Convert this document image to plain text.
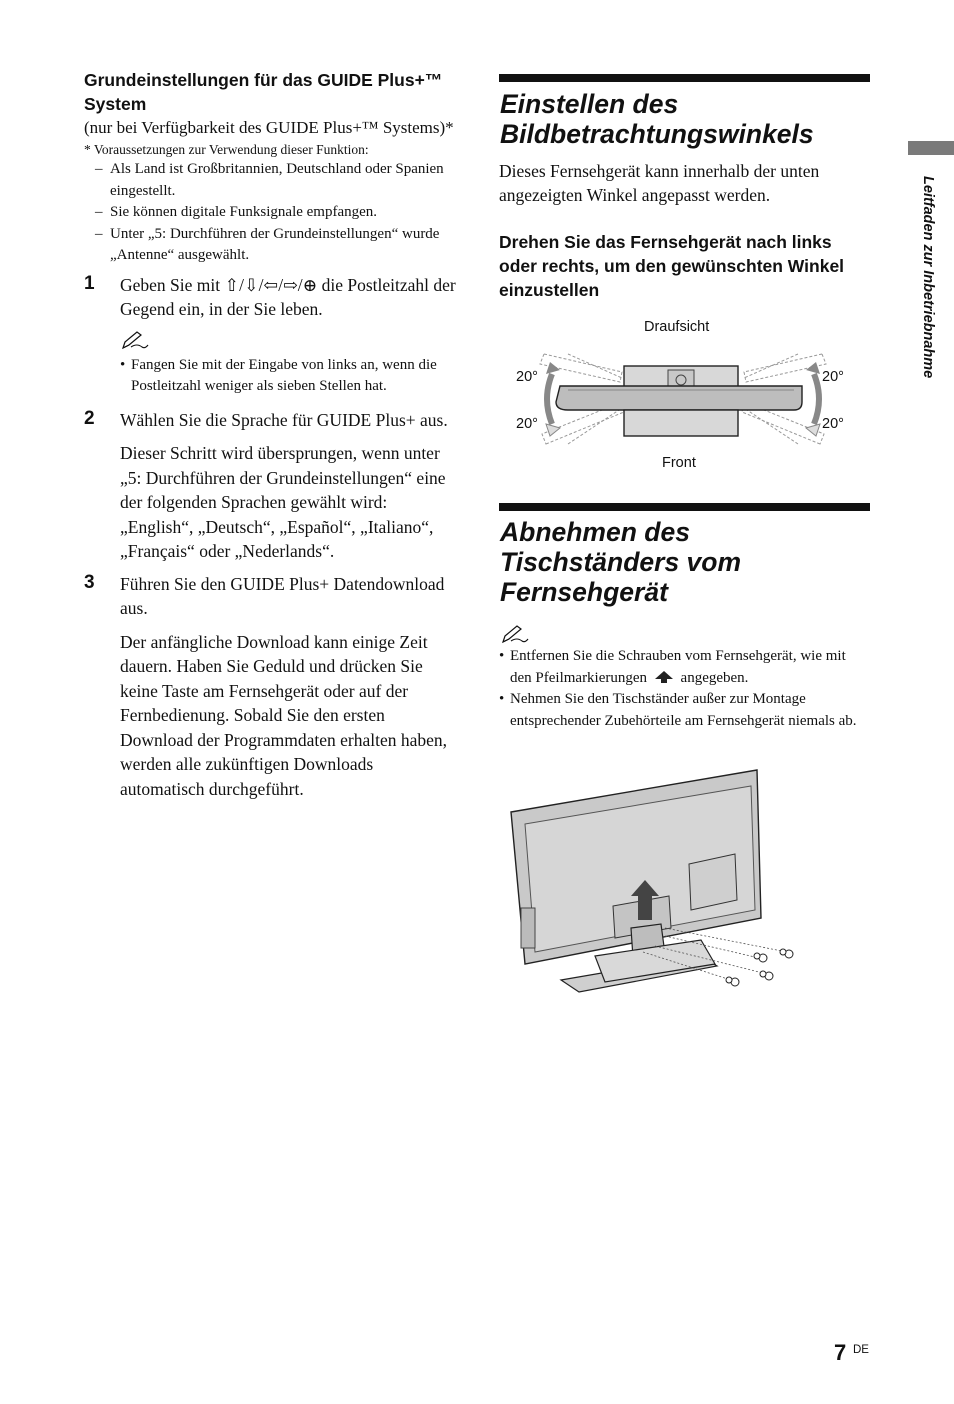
Grundeinstellungen für das GUIDE Plus+™ System

(nur bei Verfügbarkeit des GUIDE Plus+™ Systems)*

* Voraussetzungen zur Verwendung dieser Funktion:

– Als Land ist Großbritannien, Deutschland oder Spanien eingestellt.
– Sie können digitale Funksignale empfangen.
– Unter „5: Durchführen der Grundeinstellungen“ wurde „Antenne“ ausgewählt.
1	Geben Sie mit ⇧/⇩/⇦/⇨/⊕ die Postleitzahl der Gegend ein, in der Sie leben.

• Fangen Sie mit der Eingabe von links an, wenn die Postleitzahl weniger als sieben Stellen hat.
2	Wählen Sie die Sprache für GUIDE Plus+ aus.

Dieser Schritt wird übersprungen, wenn unter „5: Durchführen der Grundeinstellungen“ eine der folgenden Sprachen gewählt wird: „English“, „Deutsch“, „Español“, „Italiano“, „Français“ oder „Nederlands“.

3	Führen Sie den GUIDE Plus+ Datendownload aus.

Der anfängliche Download kann einige Zeit dauern. Haben Sie Geduld und drücken Sie keine Taste am Fernsehgerät oder auf der Fernbedienung. Sobald Sie den ersten Download der Programmdaten erhalten haben, werden alle zukünftigen Downloads automatisch durchgeführt.

Einstellen des Bildbetrachtungswinkels

Dieses Fernsehgerät kann innerhalb der unten angezeigten Winkel angepasst werden.

Drehen Sie das Fernsehgerät nach links oder rechts, um den gewünschten Winkel einzustellen
Draufsicht
20°
20°
20°
20°
Front
Abnehmen des Tischständers vom Fernsehgerät
• Entfernen Sie die Schrauben vom Fernsehgerät, wie mit den Pfeilmarkierungen angegeben.
• Nehmen Sie den Tischständer außer zur Montage entsprechender Zubehörteile am Fernsehgerät niemals ab.
Leitfaden zur Inbetriebnahme
7 DE
